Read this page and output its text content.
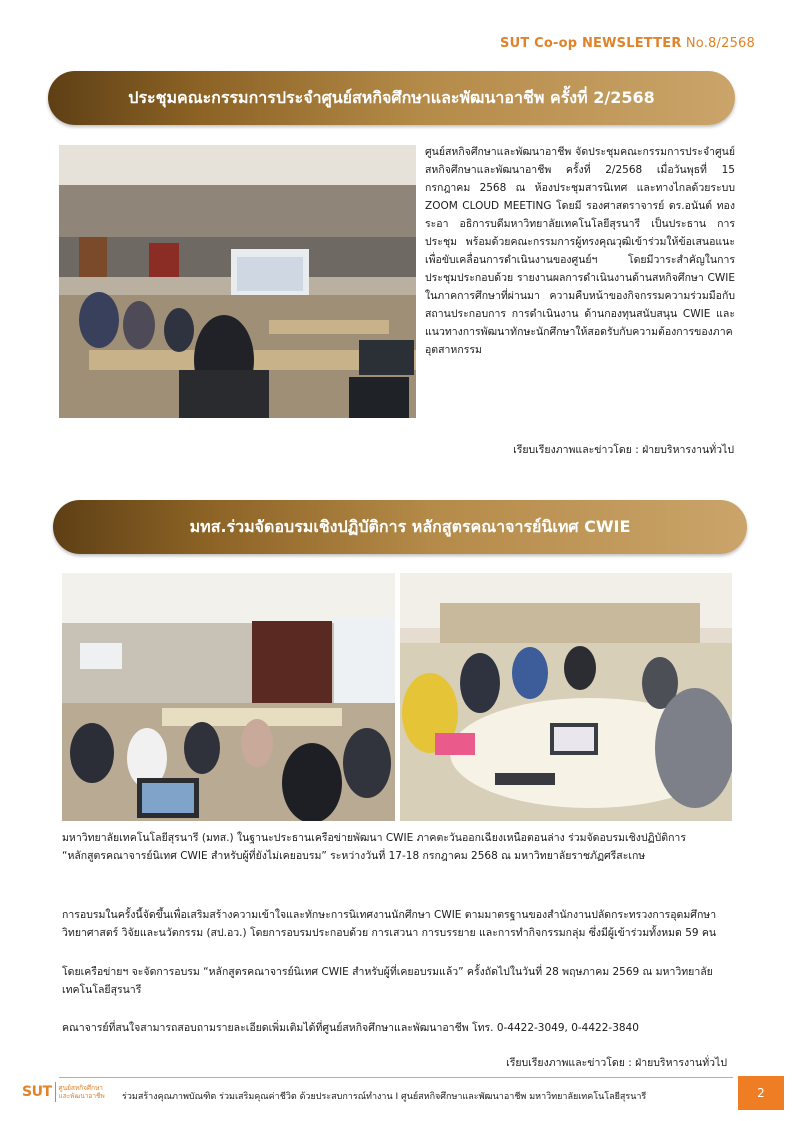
SUT Co-op NEWSLETTER No.8/2568
ประชุมคณะกรรมการประจำศูนย์สหกิจศึกษาและพัฒนาอาชีพ ครั้งที่ 2/2568
ศูนย์สหกิจศึกษาและพัฒนาอาชีพ จัดประชุมคณะกรรมการประจำศูนย์สหกิจศึกษาและพัฒนาอาชีพ ครั้งที่ 2/2568 เมื่อวันพุธที่ 15 กรกฎาคม 2568 ณ ห้องประชุมสารนิเทศ และทางไกลด้วยระบบ ZOOM CLOUD MEETING โดยมี รองศาสตราจารย์ ดร.อนันต์ ทองระอา อธิการบดีมหาวิทยาลัยเทคโนโลยีสุรนารี เป็นประธาน การประชุม พร้อมด้วยคณะกรรมการผู้ทรงคุณวุฒิเข้าร่วมให้ข้อเสนอแนะเพื่อขับเคลื่อนการดำเนินงานของศูนย์ฯ โดยมีวาระสำคัญในการประชุมประกอบด้วย รายงานผลการดำเนินงานด้านสหกิจศึกษา CWIE ในภาคการศึกษาที่ผ่านมา ความคืบหน้าของกิจกรรมความร่วมมือกับสถานประกอบการ การดำเนินงาน ด้านกองทุนสนับสนุน CWIE และแนวทางการพัฒนาทักษะนักศึกษาให้สอดรับกับความต้องการของภาคอุตสาหกรรม
เรียบเรียงภาพและข่าวโดย : ฝ่ายบริหารงานทั่วไป
มทส.ร่วมจัดอบรมเชิงปฏิบัติการ หลักสูตรคณาจารย์นิเทศ CWIE
มหาวิทยาลัยเทคโนโลยีสุรนารี (มทส.) ในฐานะประธานเครือข่ายพัฒนา CWIE ภาคตะวันออกเฉียงเหนือตอนล่าง ร่วมจัดอบรมเชิงปฏิบัติการ “หลักสูตรคณาจารย์นิเทศ CWIE สำหรับผู้ที่ยังไม่เคยอบรม” ระหว่างวันที่ 17-18 กรกฎาคม 2568 ณ มหาวิทยาลัยราชภัฏศรีสะเกษ
การอบรมในครั้งนี้จัดขึ้นเพื่อเสริมสร้างความเข้าใจและทักษะการนิเทศงานนักศึกษา CWIE ตามมาตรฐานของสำนักงานปลัดกระทรวงการอุดมศึกษา วิทยาศาสตร์ วิจัยและนวัตกรรม (สป.อว.) โดยการอบรมประกอบด้วย การเสวนา การบรรยาย และการทำกิจกรรมกลุ่ม ซึ่งมีผู้เข้าร่วมทั้งหมด 59 คน
โดยเครือข่ายฯ จะจัดการอบรม “หลักสูตรคณาจารย์นิเทศ CWIE สำหรับผู้ที่เคยอบรมแล้ว” ครั้งถัดไปในวันที่ 28 พฤษภาคม 2569 ณ มหาวิทยาลัยเทคโนโลยีสุรนารี
คณาจารย์ที่สนใจสามารถสอบถามรายละเอียดเพิ่มเติมได้ที่ศูนย์สหกิจศึกษาและพัฒนาอาชีพ โทร. 0-4422-3049, 0-4422-3840
เรียบเรียงภาพและข่าวโดย : ฝ่ายบริหารงานทั่วไป
SUT ศูนย์สหกิจศึกษา
และพัฒนาอาชีพ ร่วมสร้างคุณภาพบัณฑิต ร่วมเสริมคุณค่าชีวิต ด้วยประสบการณ์ทำงาน I ศูนย์สหกิจศึกษาและพัฒนาอาชีพ มหาวิทยาลัยเทคโนโลยีสุรนารี	2
